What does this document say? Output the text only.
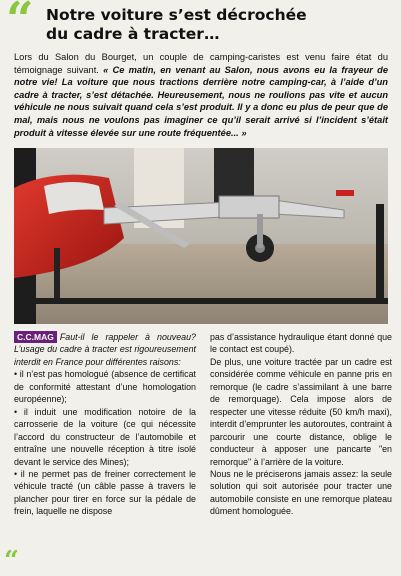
“ Notre voiture s’est décrochée
du cadre à tracter…
Lors du Salon du Bourget, un couple de camping-caristes est venu faire état du témoignage suivant. « Ce matin, en venant au Salon, nous avons eu la frayeur de notre vie! La voiture que nous tractions derrière notre camping-car, à l’aide d’un cadre à tracter, s’est détachée. Heureusement, nous ne roulions pas vite et aucun véhicule ne nous suivait quand cela s’est produit. Il y a donc eu plus de peur que de mal, mais nous ne voulons pas imaginer ce qu’il serait arrivé si l’incident s’était produit à vitesse élevée sur une route fréquentée... »

C.C.MAG Faut-il le rappeler à nouveau? L’usage du cadre à tracter est rigoureusement interdit en France pour différentes raisons:

• il n’est pas homologué (absence de certificat de conformité attestant d’une homologation européenne);

• il induit une modification notoire de la carrosserie de la voiture (ce qui nécessite l’accord du constructeur de l’automobile et entraîne une nouvelle réception à titre isolé devant le service des Mines);

• il ne permet pas de freiner correctement le véhicule tracté (un câble passe à travers le plancher pour tirer en force sur la pédale de frein, laquelle ne dispose

pas d’assistance hydraulique étant donné que le contact est coupé).

De plus, une voiture tractée par un cadre est considérée comme véhicule en panne pris en remorque (le cadre s’assimilant à une barre de remorquage). Cela impose alors de respecter une vitesse réduite (50 km/h maxi), interdit d’emprunter les autoroutes, contraint à parcourir une courte distance, oblige le conducteur à apposer une pancarte "en remorque" à l’arrière de la voiture.

Nous ne le préciserons jamais assez: la seule solution qui soit autorisée pour tracter une automobile consiste en une remorque plateau dûment homologuée.

“
